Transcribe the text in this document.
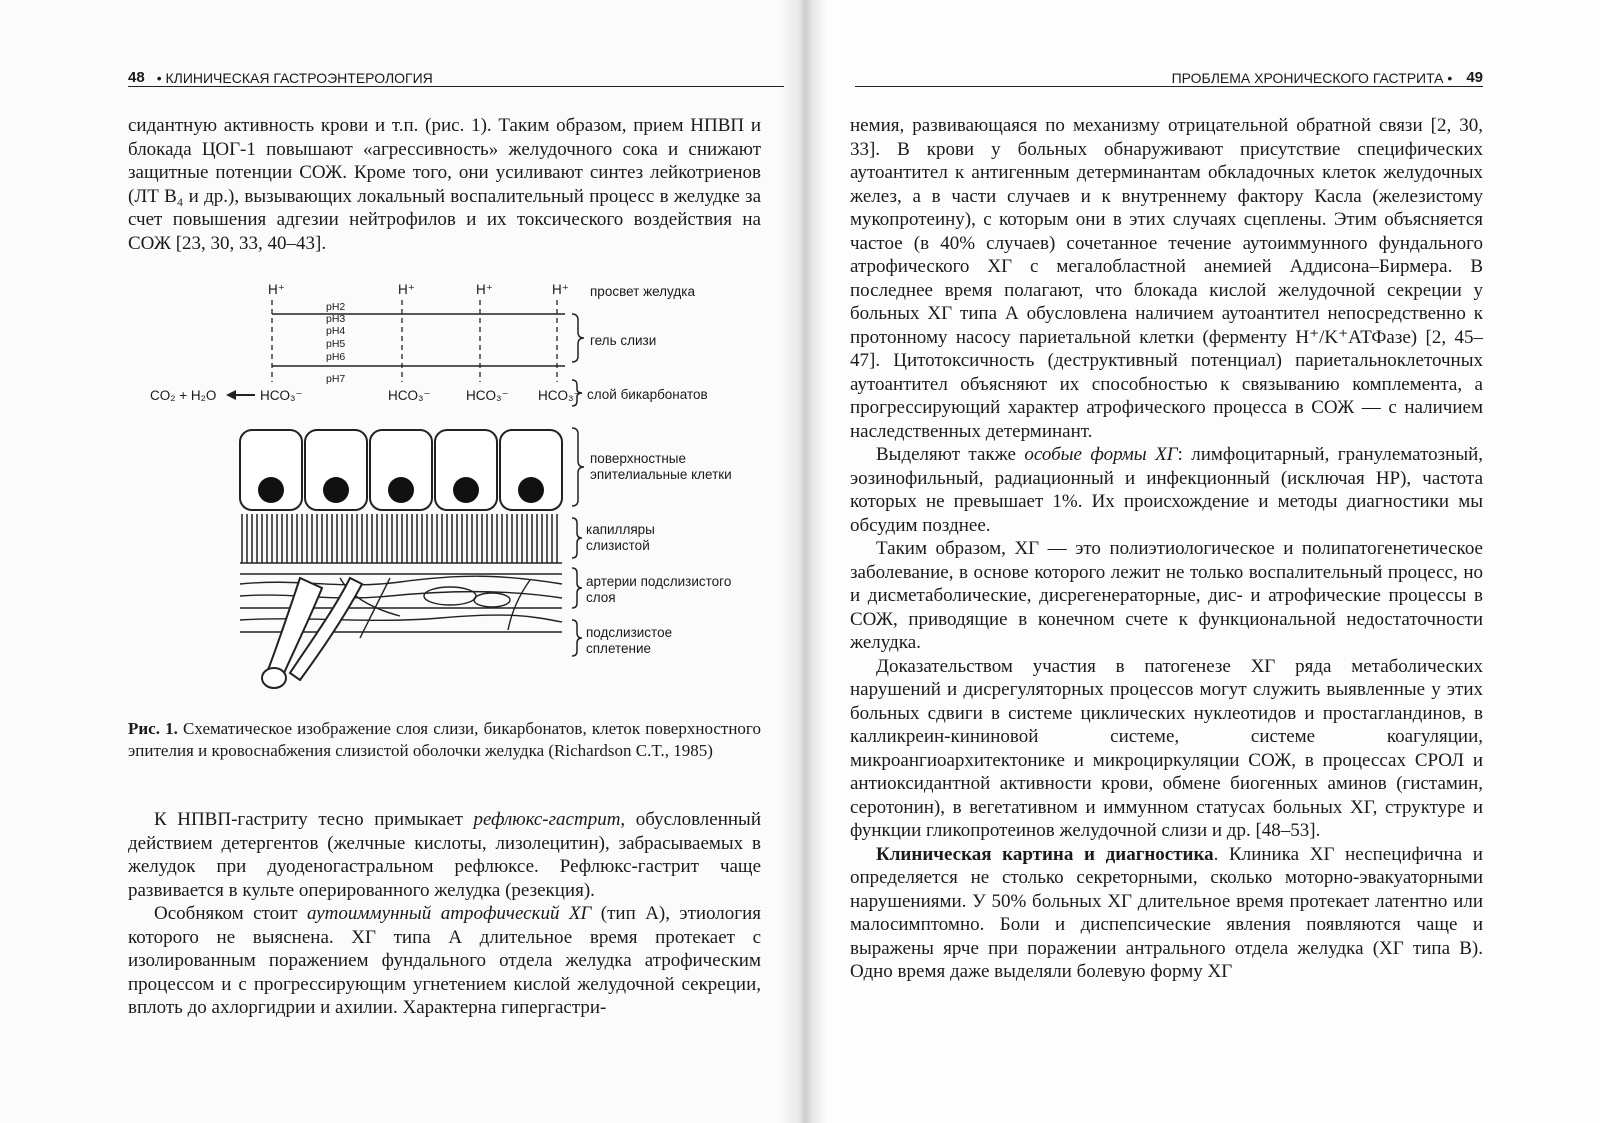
48 • КЛИНИЧЕСКАЯ ГАСТРОЭНТЕРОЛОГИЯ	ПРОБЛЕМА ХРОНИЧЕСКОГО ГАСТРИТА • 49

сидантную активность крови и т.п. (рис. 1). Таким образом, прием НПВП и блокада ЦОГ-1 повышают «агрессивность» желудочного сока и снижают защитные потенции СОЖ. Кроме того, они усиливают синтез лейкотриенов (ЛТ В₄ и др.), вызывающих локальный воспалительный процесс в желудке за счет повышения адгезии нейтрофилов и их токсического воздействия на СОЖ [23, 30, 33, 40–43].

H⁺	H⁺	H⁺	H⁺
pH2
pH3
pH4
pH5
pH6
pH7
HCO₃⁻	HCO₃⁻	HCO₃⁻ HCO₃⁻
CO₂ + H₂O
просвет желудка
гель слизи
слой бикарбонатов
поверхностные
эпителиальные клетки
капилляры
слизистой
артерии подслизистого
слоя
подслизистое
сплетение
Рис. 1. Схематическое изображение слоя слизи, бикарбонатов, клеток поверхностного эпителия и кровоснабжения слизистой оболочки желудка (Richardson C.T., 1985)

К НПВП-гастриту тесно примыкает рефлюкс-гастрит, обусловленный действием детергентов (желчные кислоты, лизолецитин), забрасываемых в желудок при дуоденогастральном рефлюксе. Рефлюкс-гастрит чаще развивается в культе оперированного желудка (резекция).

Особняком стоит аутоиммунный атрофический ХГ (тип А), этиология которого не выяснена. ХГ типа А длительное время протекает с изолированным поражением фундального отдела желудка атрофическим процессом и с прогрессирующим угнетением кислой желудочной секреции, вплоть до ахлоргидрии и ахилии. Характерна гипергастри-

немия, развивающаяся по механизму отрицательной обратной связи [2, 30, 33]. В крови у больных обнаруживают присутствие специфических аутоантител к антигенным детерминантам обкладочных клеток желудочных желез, а в части случаев и к внутреннему фактору Касла (железистому мукопротеину), с которым они в этих случаях сцеплены. Этим объясняется частое (в 40% случаев) сочетанное течение аутоиммунного фундального атрофического ХГ с мегалобластной анемией Аддисона–Бирмера. В последнее время полагают, что блокада кислой желудочной секреции у больных ХГ типа А обусловлена наличием аутоантител непосредственно к протонному насосу париетальной клетки (ферменту H⁺/K⁺АТФазе) [2, 45–47]. Цитотоксичность (деструктивный потенциал) париетальноклеточных аутоантител объясняют их способностью к связыванию комплемента, а прогрессирующий характер атрофического процесса в СОЖ — с наличием наследственных детерминант.

Выделяют также особые формы ХГ: лимфоцитарный, гранулематозный, эозинофильный, радиационный и инфекционный (исключая НР), частота которых не превышает 1%. Их происхождение и методы диагностики мы обсудим позднее.

Таким образом, ХГ — это полиэтиологическое и полипатогенетическое заболевание, в основе которого лежит не только воспалительный процесс, но и дисметаболические, дисрегенераторные, дис- и атрофические процессы в СОЖ, приводящие в конечном счете к функциональной недостаточности желудка.

Доказательством участия в патогенезе ХГ ряда метаболических нарушений и дисрегуляторных процессов могут служить выявленные у этих больных сдвиги в системе циклических нуклеотидов и простагландинов, в калликреин-кининовой системе, системе коагуляции, микроангиоархитектонике и микроциркуляции СОЖ, в процессах СРОЛ и антиоксидантной активности крови, обмене биогенных аминов (гистамин, серотонин), в вегетативном и иммунном статусах больных ХГ, структуре и функции гликопротеинов желудочной слизи и др. [48–53].

Клиническая картина и диагностика. Клиника ХГ неспецифична и определяется не столько секреторными, сколько моторно-эвакуаторными нарушениями. У 50% больных ХГ длительное время протекает латентно или малосимптомно. Боли и диспепсические явления появляются чаще и выражены ярче при поражении антрального отдела желудка (ХГ типа В). Одно время даже выделяли болевую форму ХГ
